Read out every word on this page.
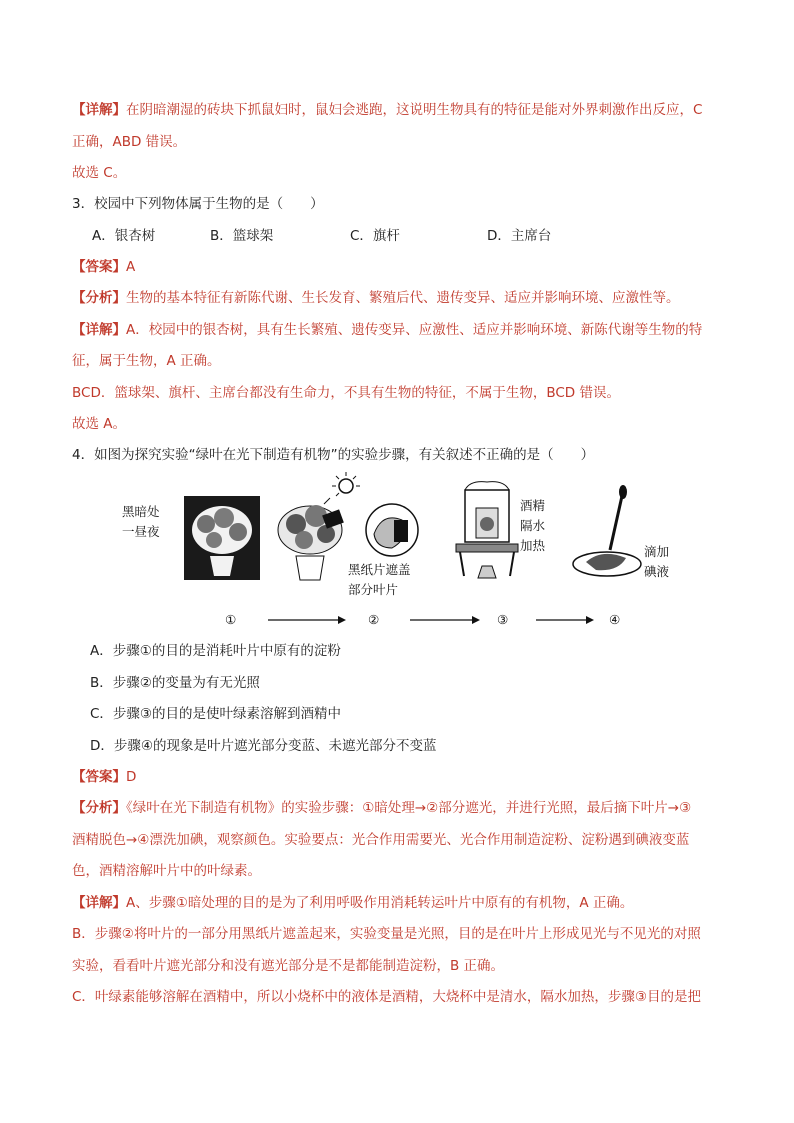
【详解】在阴暗潮湿的砖块下抓鼠妇时，鼠妇会逃跑，这说明生物具有的特征是能对外界刺激作出反应，C
正确，ABD 错误。
故选 C。
3．校园中下列物体属于生物的是（　　）
A．银杏树	B．篮球架	C．旗杆	D．主席台
【答案】A
【分析】生物的基本特征有新陈代谢、生长发育、繁殖后代、遗传变异、适应并影响环境、应激性等。
【详解】A．校园中的银杏树，具有生长繁殖、遗传变异、应激性、适应并影响环境、新陈代谢等生物的特
征，属于生物，A 正确。
BCD．篮球架、旗杆、主席台都没有生命力，不具有生物的特征，不属于生物，BCD 错误。
故选 A。
4．如图为探究实验“绿叶在光下制造有机物”的实验步骤，有关叙述不正确的是（　　）
黑暗处
一昼夜
黑纸片遮盖
部分叶片
酒精
隔水
加热	滴加
碘液
①	②	③	④
A．步骤①的目的是消耗叶片中原有的淀粉
B．步骤②的变量为有无光照
C．步骤③的目的是使叶绿素溶解到酒精中
D．步骤④的现象是叶片遮光部分变蓝、未遮光部分不变蓝
【答案】D
【分析】《绿叶在光下制造有机物》的实验步骤：①暗处理→②部分遮光，并进行光照，最后摘下叶片→③
酒精脱色→④漂洗加碘，观察颜色。实验要点：光合作用需要光、光合作用制造淀粉、淀粉遇到碘液变蓝
色，酒精溶解叶片中的叶绿素。
【详解】A、步骤①暗处理的目的是为了利用呼吸作用消耗转运叶片中原有的有机物，A 正确。
B．步骤②将叶片的一部分用黑纸片遮盖起来，实验变量是光照，目的是在叶片上形成见光与不见光的对照
实验，看看叶片遮光部分和没有遮光部分是不是都能制造淀粉，B 正确。
C．叶绿素能够溶解在酒精中，所以小烧杯中的液体是酒精，大烧杯中是清水，隔水加热，步骤③目的是把
